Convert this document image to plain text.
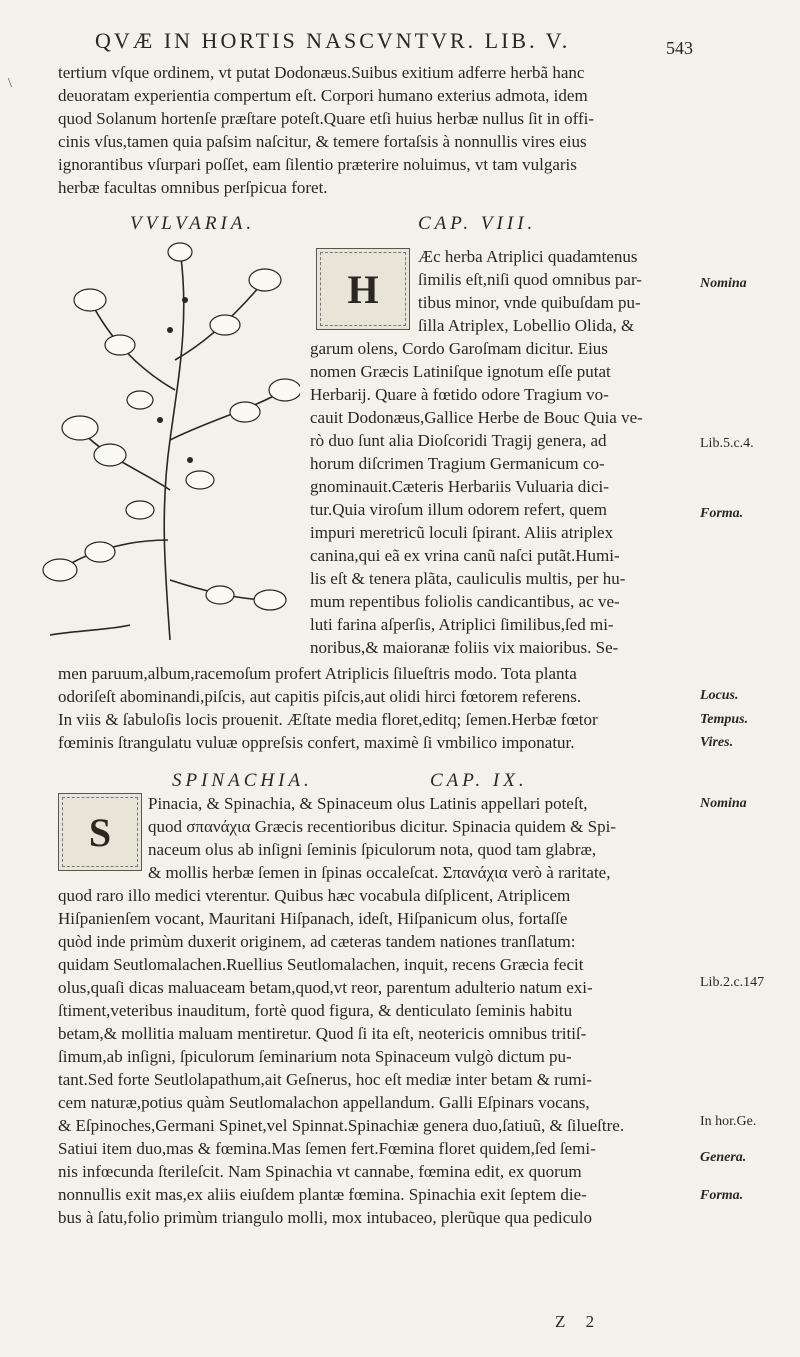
\
QVÆ IN HORTIS NASCVNTVR. LIB. V.	543
tertium vſque ordinem, vt putat Dodonæus.Suibus exitium adferre herbã hanc
deuoratam experientia compertum eſt. Corpori humano exterius admota, idem
quod Solanum hortenſe præſtare poteſt.Quare etſi huius herbæ nullus ſit in offi-
cinis vſus,tamen quia paſsim naſcitur, & temere fortaſsis à nonnullis vires eius
ignorantibus vſurpari poſſet, eam ſilentio præterire noluimus, vt tam vulgaris
herbæ facultas omnibus perſpicua foret.
VVLVARIA.	CAP. VIII.
H
Æc herba Atriplici quadamtenus
ſimilis eſt,niſi quod omnibus par-
tibus minor, vnde quibuſdam pu-
ſilla Atriplex, Lobellio Olida, &
garum olens, Cordo Garoſmam dicitur. Eius
nomen Græcis Latiniſque ignotum eſſe putat
Herbarij. Quare à fœtido odore Tragium vo-
cauit Dodonæus,Gallice Herbe de Bouc Quia ve-
rò duo ſunt alia Dioſcoridi Tragij genera, ad
horum diſcrimen Tragium Germanicum co-
gnominauit.Cæteris Herbariis Vuluaria dici-
tur.Quia viroſum illum odorem refert, quem
impuri meretricũ loculi ſpirant. Aliis atriplex
canina,qui eã ex vrina canũ naſci putãt.Humi-
lis eſt & tenera plãta, cauliculis multis, per hu-
mum repentibus foliolis candicantibus, ac ve-
luti farina aſperſis, Atriplici ſimilibus,ſed mi-
noribus,& maioranæ foliis vix maioribus. Se-
men paruum,album,racemoſum profert Atriplicis ſilueſtris modo. Tota planta
odoriſeſt abominandi,piſcis, aut capitis piſcis,aut olidi hirci fœtorem referens.
In viis & ſabuloſis locis prouenit. Æſtate media floret,editq; ſemen.Herbæ fœtor
fœminis ſtrangulatu vuluæ oppreſsis confert, maximè ſi vmbilico imponatur.
SPINACHIA.	CAP. IX.
S
Pinacia, & Spinachia, & Spinaceum olus Latinis appellari poteſt,
quod σπανάχια Græcis recentioribus dicitur. Spinacia quidem & Spi-
naceum olus ab inſigni ſeminis ſpiculorum nota, quod tam glabræ,
& mollis herbæ ſemen in ſpinas occaleſcat. Σπανάχια verò à raritate,
quod raro illo medici vterentur. Quibus hæc vocabula diſplicent, Atriplicem
Hiſpanienſem vocant, Mauritani Hiſpanach, ideſt, Hiſpanicum olus, fortaſſe
quòd inde primùm duxerit originem, ad cæteras tandem nationes tranſlatum:
quidam Seutlomalachen.Ruellius Seutlomalachen, inquit, recens Græcia fecit
olus,quaſi dicas maluaceam betam,quod,vt reor, parentum adulterio natum exi-
ſtiment,veteribus inauditum, fortè quod figura, & denticulato ſeminis habitu
betam,& mollitia maluam mentiretur. Quod ſi ita eſt, neotericis omnibus tritiſ-
ſimum,ab inſigni, ſpiculorum ſeminarium nota Spinaceum vulgò dictum pu-
tant.Sed forte Seutlolapathum,ait Geſnerus, hoc eſt mediæ inter betam & rumi-
cem naturæ,potius quàm Seutlomalachon appellandum. Galli Eſpinars vocans,
& Eſpinoches,Germani Spinet,vel Spinnat.Spinachiæ genera duo,ſatiuũ, & ſilueſtre.
Satiui item duo,mas & fœmina.Mas ſemen fert.Fœmina floret quidem,ſed ſemi-
nis infœcunda ſterileſcit. Nam Spinachia vt cannabe, fœmina edit, ex quorum
nonnullis exit mas,ex aliis eiuſdem plantæ fœmina. Spinachia exit ſeptem die-
bus à ſatu,folio primùm triangulo molli, mox intubaceo, plerũque qua pediculo
Nomina
Lib.5.c.4.
Forma.
Locus.
Tempus.
Vires.
Nomina
Lib.2.c.147
In hor.Ge.
Genera.
Forma.
Z 2
